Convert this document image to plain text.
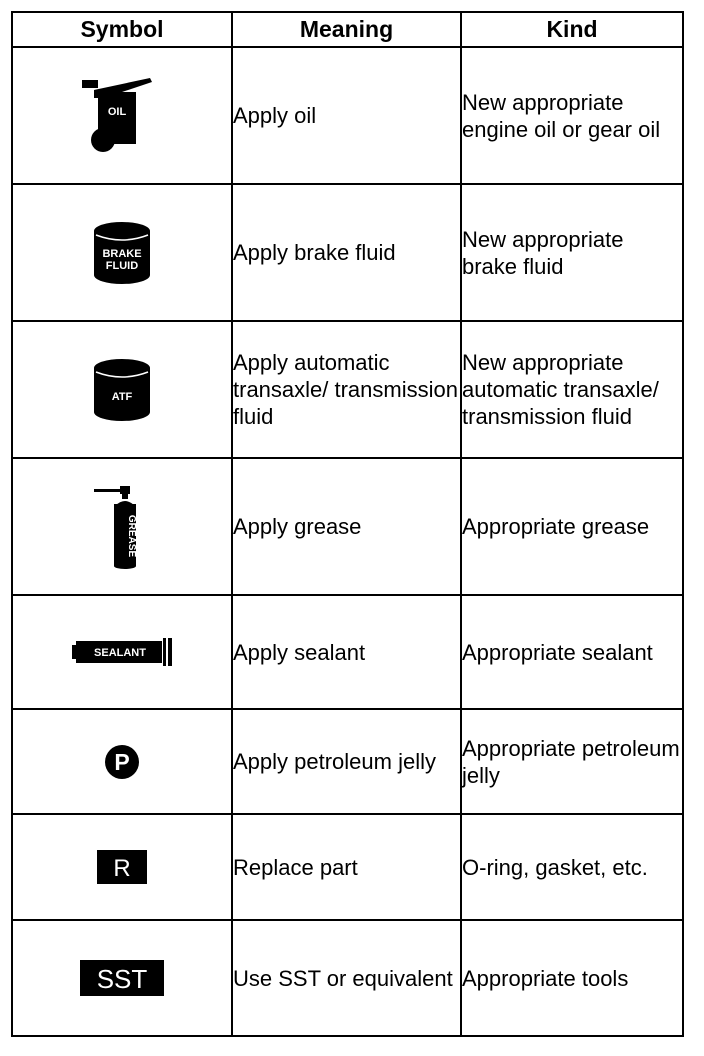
Symbol	Meaning	Kind

OIL	Apply oil	New appropriate engine oil or gear oil

BRAKE
FLUID	Apply brake fluid	New appropriate brake fluid

ATF	Apply automatic transaxle/ transmission fluid	New appropriate automatic transaxle/ transmission fluid

GREASE	Apply grease	Appropriate grease

SEALANT	Apply sealant	Appropriate sealant

P	Apply petroleum jelly	Appropriate petroleum jelly

R	Replace part	O-ring, gasket, etc.

SST	Use SST or equivalent	Appropriate tools
